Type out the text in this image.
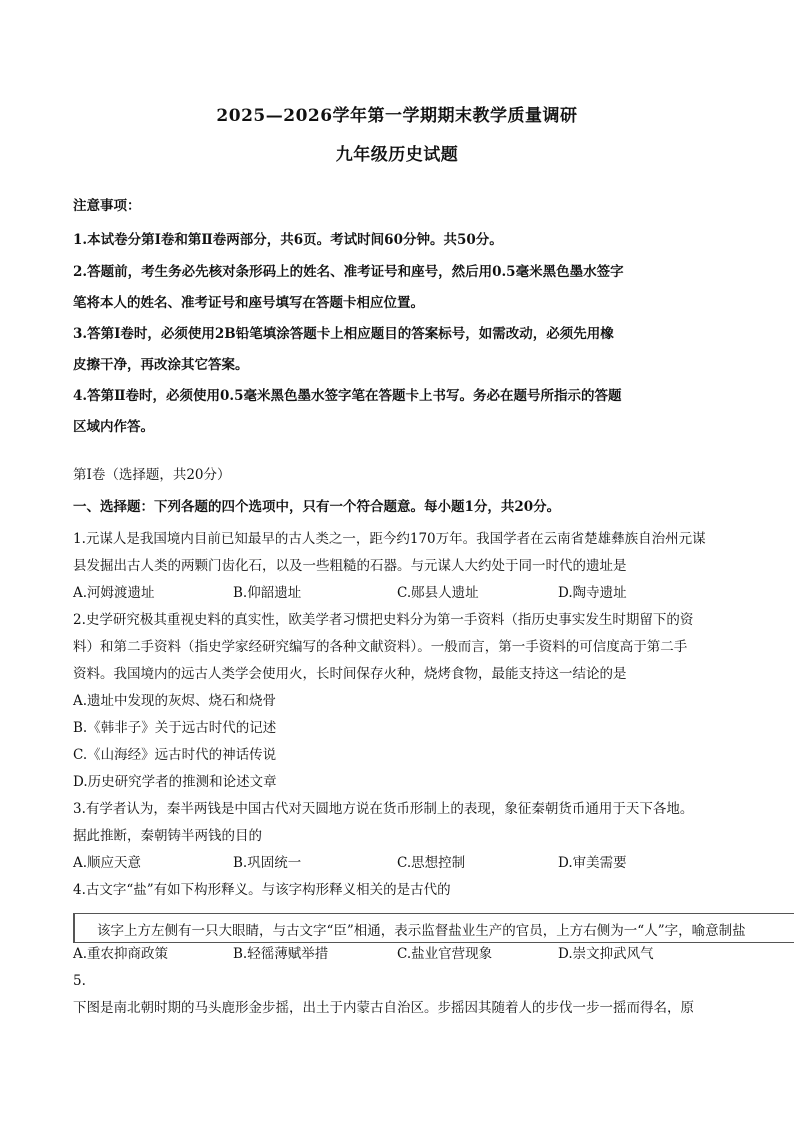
2025—2026学年第一学期期末教学质量调研
九年级历史试题
注意事项：
1.本试卷分第Ⅰ卷和第Ⅱ卷两部分，共6页。考试时间60分钟。共50分。
2.答题前，考生务必先核对条形码上的姓名、准考证号和座号，然后用0.5毫米黑色墨水签字
笔将本人的姓名、准考证号和座号填写在答题卡相应位置。
3.答第Ⅰ卷时，必须使用2B铅笔填涂答题卡上相应题目的答案标号，如需改动，必须先用橡
皮擦干净，再改涂其它答案。
4.答第Ⅱ卷时，必须使用0.5毫米黑色墨水签字笔在答题卡上书写。务必在题号所指示的答题
区域内作答。
第Ⅰ卷（选择题，共20分）
一、选择题：下列各题的四个选项中，只有一个符合题意。每小题1分，共20分。
1.元谋人是我国境内目前已知最早的古人类之一，距今约170万年。我国学者在云南省楚雄彝族自治州元谋
县发掘出古人类的两颗门齿化石，以及一些粗糙的石器。与元谋人大约处于同一时代的遗址是
A.河姆渡遗址	B.仰韶遗址	C.郧县人遗址	D.陶寺遗址
2.史学研究极其重视史料的真实性，欧美学者习惯把史料分为第一手资料（指历史事实发生时期留下的资
料）和第二手资料（指史学家经研究编写的各种文献资料）。一般而言，第一手资料的可信度高于第二手
资料。我国境内的远古人类学会使用火，长时间保存火种，烧烤食物，最能支持这一结论的是
A.遗址中发现的灰烬、烧石和烧骨
B.《韩非子》关于远古时代的记述
C.《山海经》远古时代的神话传说
D.历史研究学者的推测和论述文章
3.有学者认为，秦半两钱是中国古代对天圆地方说在货币形制上的表现，象征秦朝货币通用于天下各地。
据此推断，秦朝铸半两钱的目的
A.顺应天意	B.巩固统一	C.思想控制	D.审美需要
4.古文字“盐”有如下构形释义。与该字构形释义相关的是古代的
该字上方左侧有一只大眼睛，与古文字“臣”相通，表示监督盐业生产的官员，上方右侧为一“人”字，喻意制盐
A.重农抑商政策	B.轻徭薄赋举措	C.盐业官营现象	D.崇文抑武风气
5.
下图是南北朝时期的马头鹿形金步摇，出土于内蒙古自治区。步摇因其随着人的步伐一步一摇而得名，原
